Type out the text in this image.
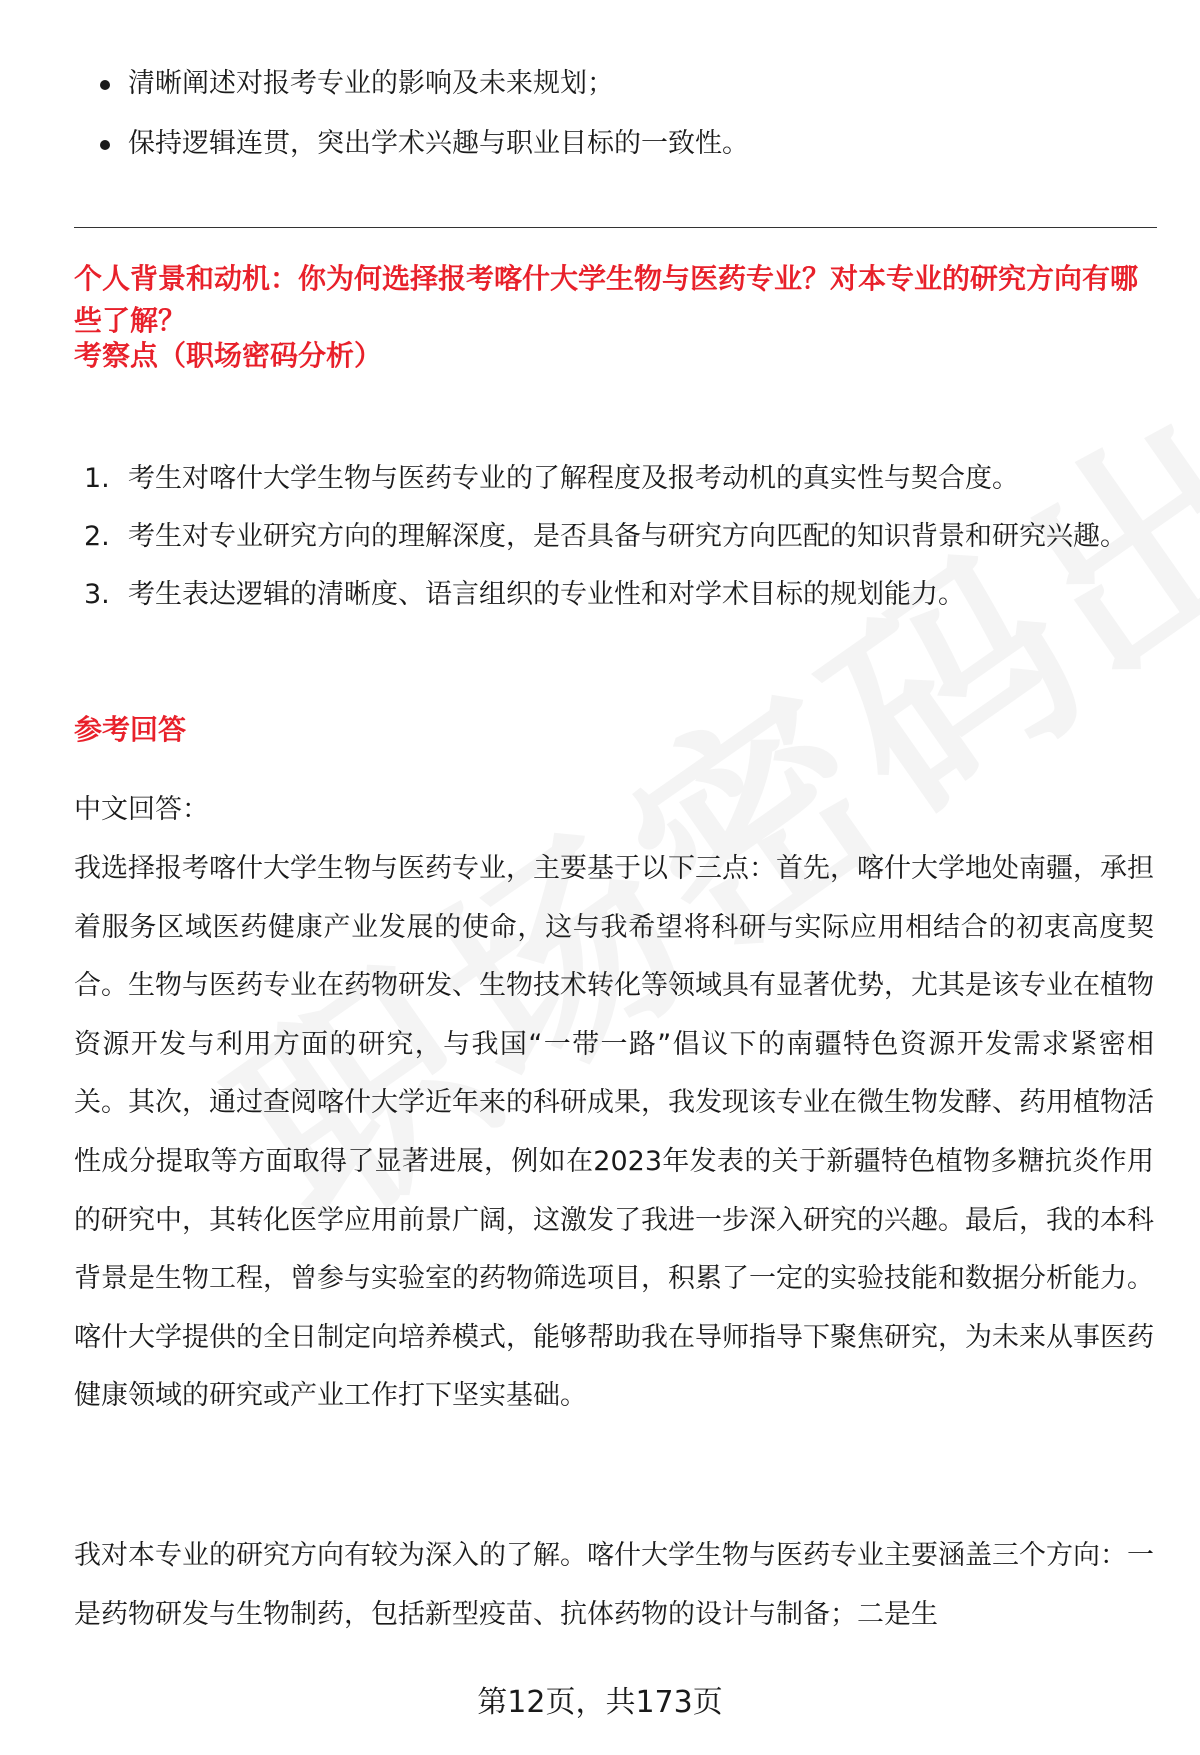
清晰阐述对报考专业的影响及未来规划；
保持逻辑连贯，突出学术兴趣与职业目标的一致性。
个人背景和动机：你为何选择报考喀什大学生物与医药专业？对本专业的研究方向有哪些了解？
考察点（职场密码分析）
1. 考生对喀什大学生物与医药专业的了解程度及报考动机的真实性与契合度。
2. 考生对专业研究方向的理解深度，是否具备与研究方向匹配的知识背景和研究兴趣。
3. 考生表达逻辑的清晰度、语言组织的专业性和对学术目标的规划能力。
参考回答
中文回答：
我选择报考喀什大学生物与医药专业，主要基于以下三点：首先，喀什大学地处南疆，承担着服务区域医药健康产业发展的使命，这与我希望将科研与实际应用相结合的初衷高度契合。生物与医药专业在药物研发、生物技术转化等领域具有显著优势，尤其是该专业在植物资源开发与利用方面的研究，与我国“一带一路”倡议下的南疆特色资源开发需求紧密相关。其次，通过查阅喀什大学近年来的科研成果，我发现该专业在微生物发酵、药用植物活性成分提取等方面取得了显著进展，例如在2023年发表的关于新疆特色植物多糖抗炎作用的研究中，其转化医学应用前景广阔，这激发了我进一步深入研究的兴趣。最后，我的本科背景是生物工程，曾参与实验室的药物筛选项目，积累了一定的实验技能和数据分析能力。喀什大学提供的全日制定向培养模式，能够帮助我在导师指导下聚焦研究，为未来从事医药健康领域的研究或产业工作打下坚实基础。
我对本专业的研究方向有较为深入的了解。喀什大学生物与医药专业主要涵盖三个方向：一是药物研发与生物制药，包括新型疫苗、抗体药物的设计与制备；二是生
第12页，共173页
